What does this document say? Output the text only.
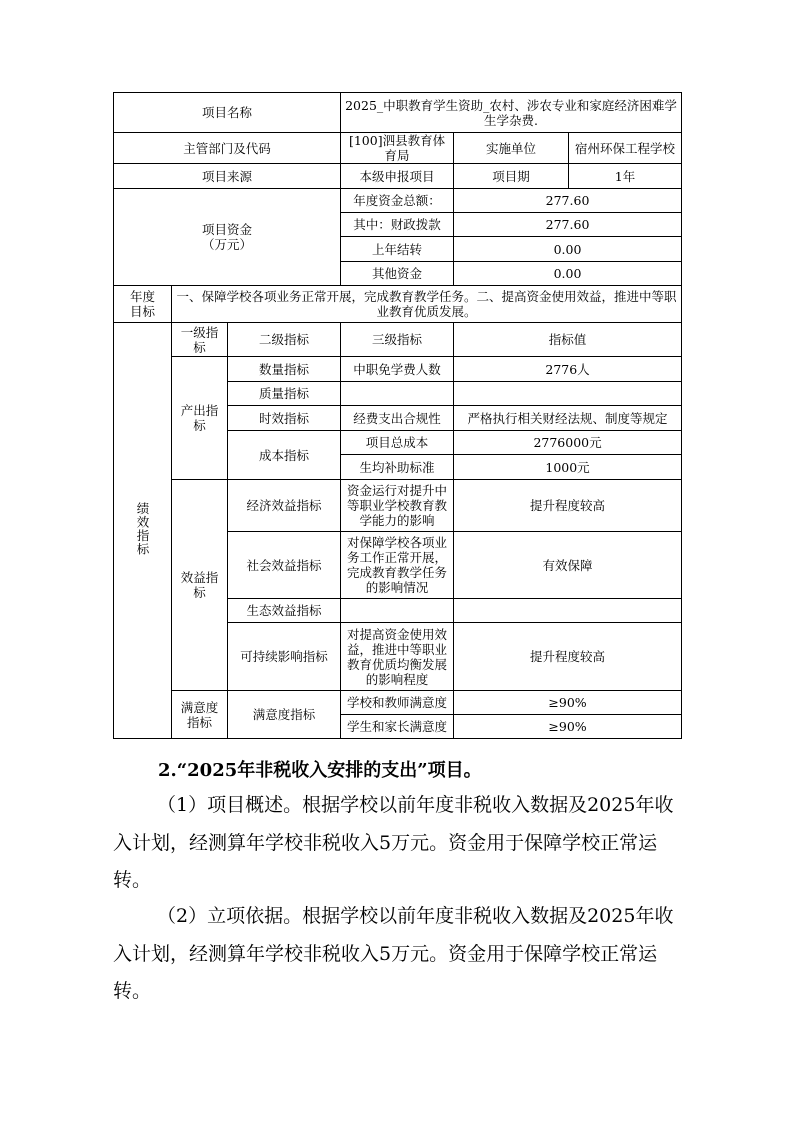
项目名称			2025_中职教育学生资助_农村、涉农专业和家庭经济困难学生学杂费.		
主管部门及代码			[100]泗县教育体育局	实施单位	宿州环保工程学校
项目来源			本级申报项目	项目期	1年

项目资金
（万元）			年度资金总额：	277.60	
			其中：财政拨款	277.60	
			上年结转	0.00	
			其他资金	0.00	

年度
目标	一、保障学校各项业务正常开展，完成教育教学任务。二、提高资金使用效益，推进中等职业教育优质发展。				
绩效指标	一级指标	二级指标	三级指标	指标值	
	产出指标	数量指标	中职免学费人数	2776人	
		质量指标			
		时效指标	经费支出合规性	严格执行相关财经法规、制度等规定	
		成本指标	项目总成本	2776000元	
			生均补助标准	1000元	
	效益指标	经济效益指标	资金运行对提升中等职业学校教育教学能力的影响	提升程度较高	
		社会效益指标	对保障学校各项业务工作正常开展，完成教育教学任务的影响情况	有效保障	
		生态效益指标			
		可持续影响指标	对提高资金使用效益，推进中等职业教育优质均衡发展的影响程度	提升程度较高	
	满意度指标	满意度指标	学校和教师满意度	≥90%	
			学生和家长满意度	≥90%	
2.“2025年非税收入安排的支出”项目。

（1）项目概述。根据学校以前年度非税收入数据及2025年收入计划，经测算年学校非税收入5万元。资金用于保障学校正常运转。

（2）立项依据。根据学校以前年度非税收入数据及2025年收入计划，经测算年学校非税收入5万元。资金用于保障学校正常运转。
